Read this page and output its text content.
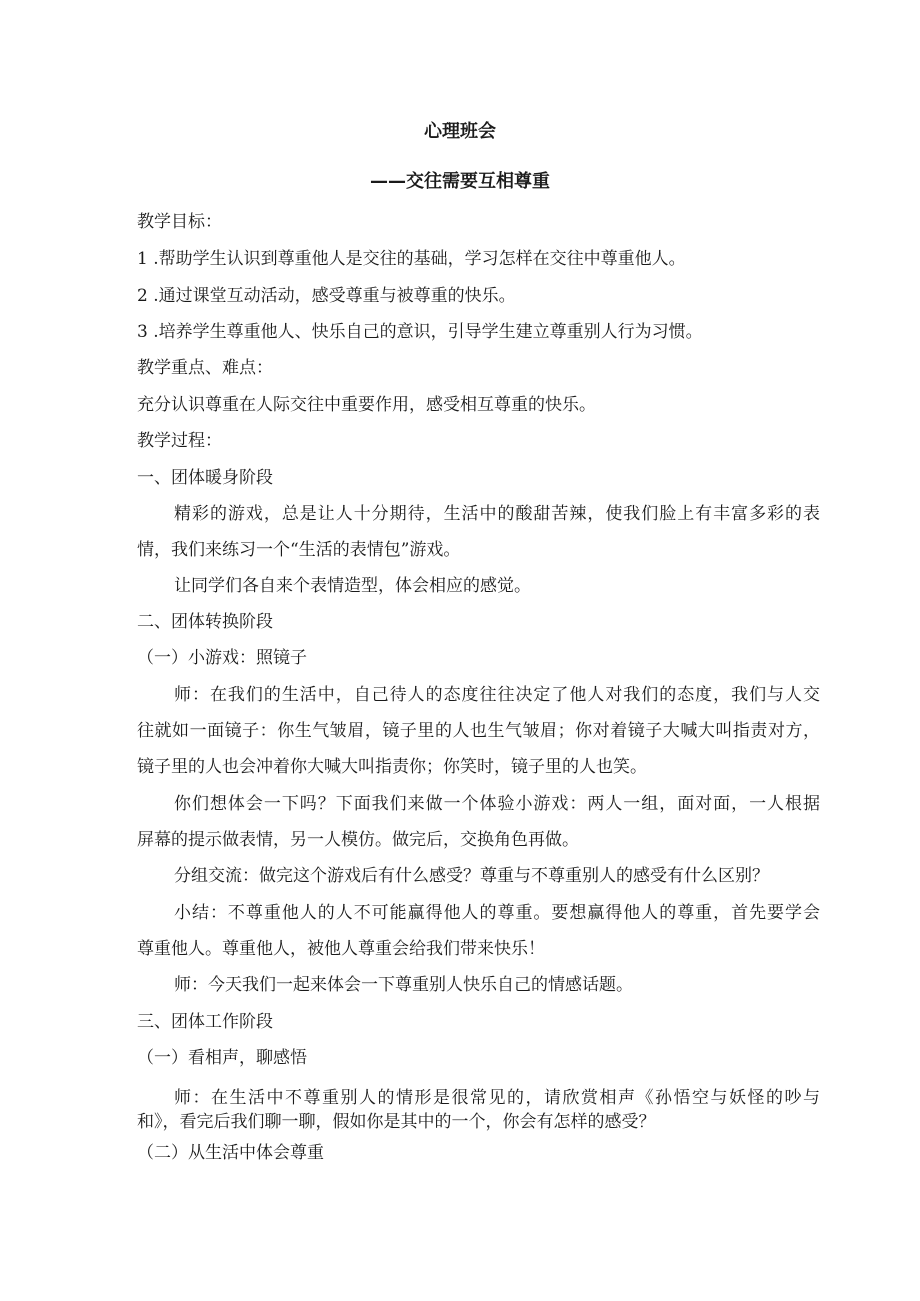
心理班会
——交往需要互相尊重
教学目标：
1 .帮助学生认识到尊重他人是交往的基础，学习怎样在交往中尊重他人。
2 .通过课堂互动活动，感受尊重与被尊重的快乐。
3 .培养学生尊重他人、快乐自己的意识，引导学生建立尊重别人行为习惯。
教学重点、难点：
充分认识尊重在人际交往中重要作用，感受相互尊重的快乐。
教学过程：
一、团体暖身阶段
精彩的游戏，总是让人十分期待，生活中的酸甜苦辣，使我们脸上有丰富多彩的表
情，我们来练习一个“生活的表情包”游戏。
让同学们各自来个表情造型，体会相应的感觉。
二、团体转换阶段
（一）小游戏：照镜子
师：在我们的生活中，自己待人的态度往往决定了他人对我们的态度，我们与人交
往就如一面镜子：你生气皱眉，镜子里的人也生气皱眉；你对着镜子大喊大叫指责对方，
镜子里的人也会冲着你大喊大叫指责你；你笑时，镜子里的人也笑。
你们想体会一下吗？下面我们来做一个体验小游戏：两人一组，面对面，一人根据
屏幕的提示做表情，另一人模仿。做完后，交换角色再做。
分组交流：做完这个游戏后有什么感受？尊重与不尊重别人的感受有什么区别？
小结：不尊重他人的人不可能赢得他人的尊重。要想赢得他人的尊重，首先要学会
尊重他人。尊重他人，被他人尊重会给我们带来快乐！
师：今天我们一起来体会一下尊重别人快乐自己的情感话题。
三、团体工作阶段
（一）看相声，聊感悟
师：在生活中不尊重别人的情形是很常见的，请欣赏相声《孙悟空与妖怪的吵与
和》，看完后我们聊一聊，假如你是其中的一个，你会有怎样的感受？
（二）从生活中体会尊重
